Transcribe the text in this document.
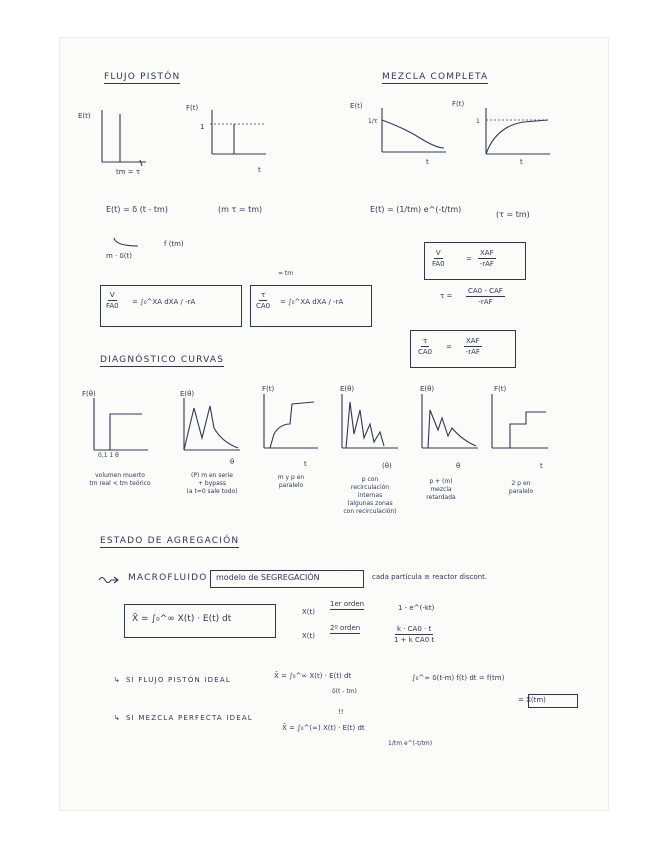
FLUJO PISTÓN
E(t)
tm = τ
F(t)
1
t
E(t) = δ (t - tm)	(m τ = tm)
m · δ(t)
f (tm)
$\frac{V}{FA0}$ = ∫₀^XA dXA / -rA
= tm
$\frac{\tau}{CA0}$ = ∫₀^XA dXA / -rA
MEZCLA COMPLETA
E(t)
1/τ
t
F(t)
1
t
E(t) = (1/tm) e^(-t/tm)
(τ = tm)
$\frac{V}{FA0}$	=
XAF
-rAF
τ =
CA0 - CAF
-rAF
$\frac{\tau}{CA0}$ =
XAF
-rAF
DIAGNÓSTICO CURVAS
F(θ)
0,1 1 θ
volumen muerto
tm real < tm teórico
E(θ)
θ
(P) m en serie
+ bypass
(a t=0 sale todo)
F(t)
t
m y p en
paralelo
E(θ)
(θ)
p con
recirculación
internas
(algunas zonas
con recirculación)
E(θ)
θ
p + (m)
mezcla
retardada
F(t)
t
2 p en
paralelo
ESTADO DE AGREGACIÓN
MACROFLUIDO modelo de SEGREGACIÓN	cada partícula ≡ reactor discont.
X̄ = ∫₀^∞ X(t) · E(t) dt
X(t)
1er orden	1 - e^(-kt)
X(t)
2º orden	$\frac{k \cdot CA0 \cdot t}{\text{1 + k CA0 t}}$
↳ SI FLUJO PISTÓN IDEAL	X̄ = ∫₀^∞ X(t) · E(t) dt
δ(t - tm)
∫₀^∞ δ(t-m) f(t) dt = f(tm)
= X(tm)
↳ SI MEZCLA PERFECTA IDEAL
!!
X̄ = ∫₀^(∞) X(t) · E(t) dt
1/tm e^(-t/tm)
